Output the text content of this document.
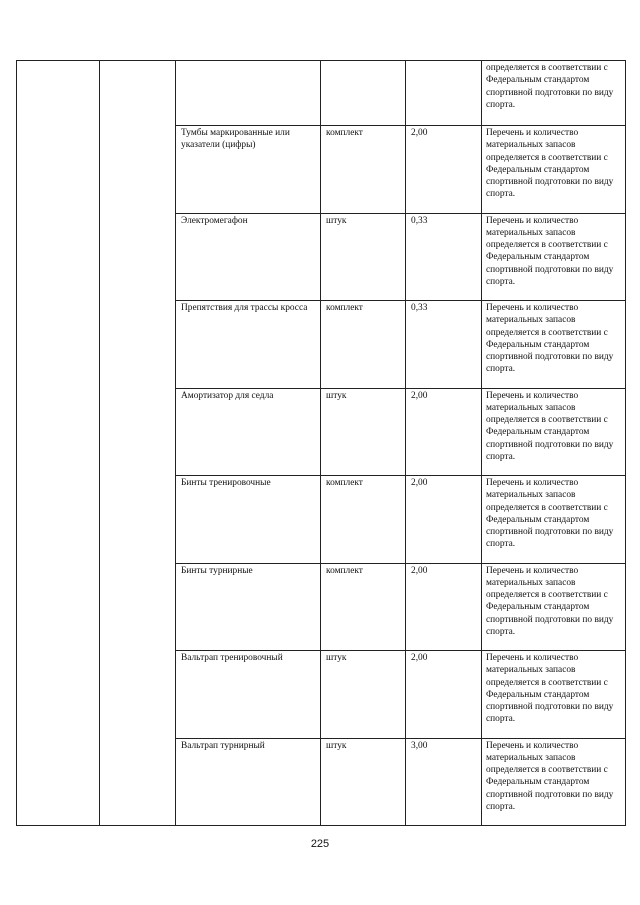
					определяется в соответствии с Федеральным стандартом спортивной подготовки по виду спорта.
		Тумбы маркированные или указатели (цифры)	комплект	2,00	Перечень и количество материальных запасов определяется в соответствии с Федеральным стандартом спортивной подготовки по виду спорта.
		Электромегафон	штук	0,33	Перечень и количество материальных запасов определяется в соответствии с Федеральным стандартом спортивной подготовки по виду спорта.
		Препятствия для трассы кросса	комплект	0,33	Перечень и количество материальных запасов определяется в соответствии с Федеральным стандартом спортивной подготовки по виду спорта.
		Амортизатор для седла	штук	2,00	Перечень и количество материальных запасов определяется в соответствии с Федеральным стандартом спортивной подготовки по виду спорта.
		Бинты тренировочные	комплект	2,00	Перечень и количество материальных запасов определяется в соответствии с Федеральным стандартом спортивной подготовки по виду спорта.
		Бинты турнирные	комплект	2,00	Перечень и количество материальных запасов определяется в соответствии с Федеральным стандартом спортивной подготовки по виду спорта.
		Вальтрап тренировочный	штук	2,00	Перечень и количество материальных запасов определяется в соответствии с Федеральным стандартом спортивной подготовки по виду спорта.
		Вальтрап турнирный	штук	3,00	Перечень и количество материальных запасов определяется в соответствии с Федеральным стандартом спортивной подготовки по виду спорта.
225
